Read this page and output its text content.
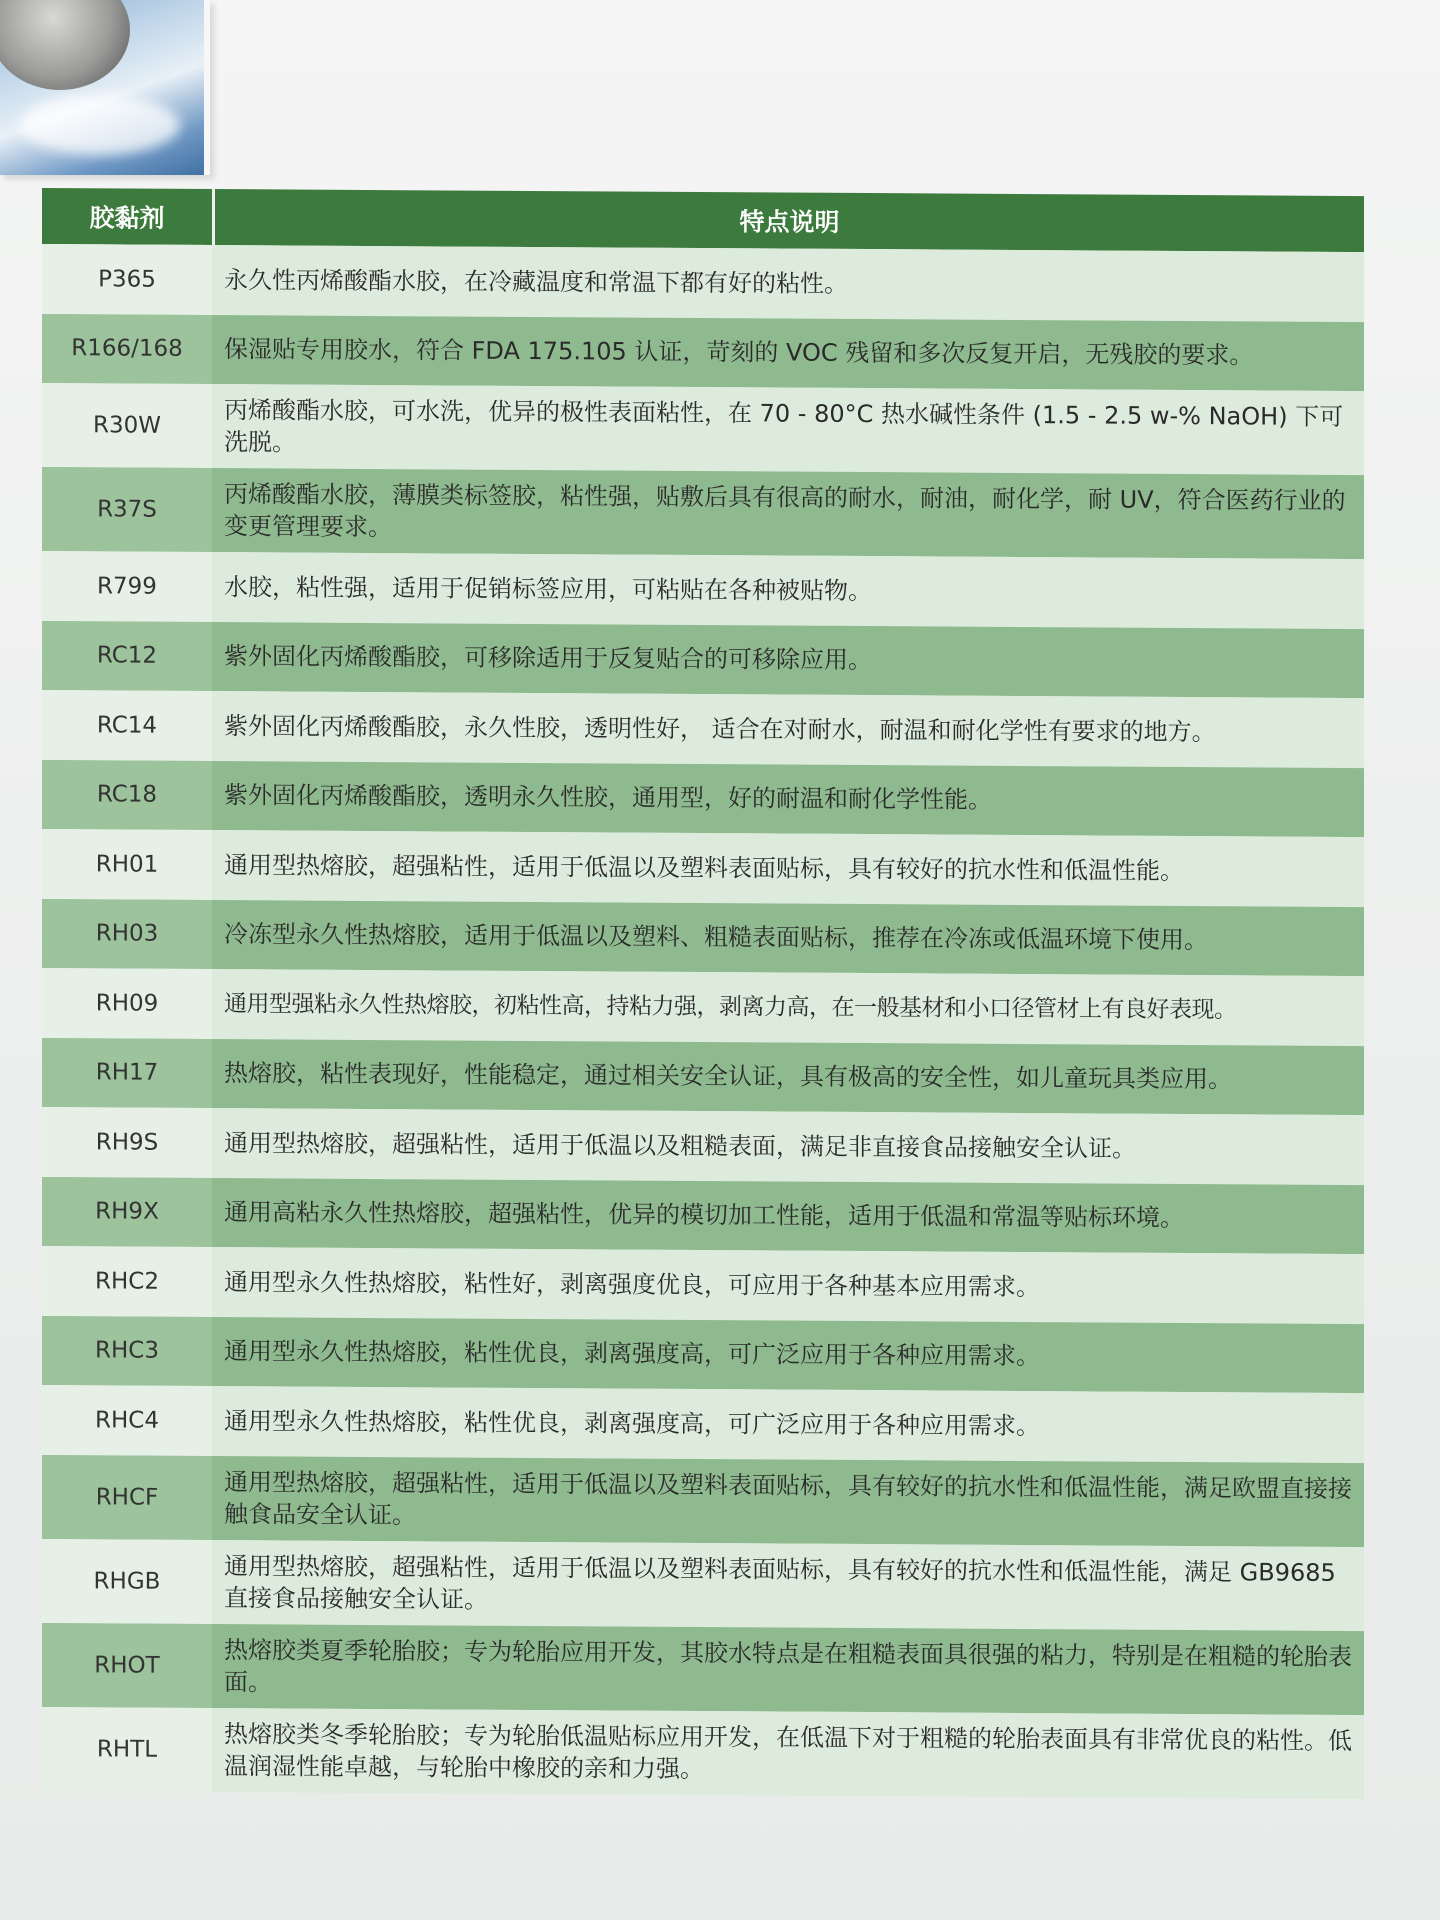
胶黏剂	特点说明
P365	永久性丙烯酸酯水胶，在冷藏温度和常温下都有好的粘性。
R166/168	保湿贴专用胶水，符合 FDA 175.105 认证，苛刻的 VOC 残留和多次反复开启，无残胶的要求。
R30W	丙烯酸酯水胶，可水洗，优异的极性表面粘性，在 70 - 80°C 热水碱性条件 (1.5 - 2.5 w-% NaOH) 下可洗脱。
R37S	丙烯酸酯水胶，薄膜类标签胶，粘性强，贴敷后具有很高的耐水，耐油，耐化学，耐 UV，符合医药行业的变更管理要求。
R799	水胶，粘性强，适用于促销标签应用，可粘贴在各种被贴物。
RC12	紫外固化丙烯酸酯胶，可移除适用于反复贴合的可移除应用。
RC14	紫外固化丙烯酸酯胶，永久性胶，透明性好， 适合在对耐水，耐温和耐化学性有要求的地方。
RC18	紫外固化丙烯酸酯胶，透明永久性胶，通用型，好的耐温和耐化学性能。
RH01	通用型热熔胶，超强粘性，适用于低温以及塑料表面贴标，具有较好的抗水性和低温性能。
RH03	冷冻型永久性热熔胶，适用于低温以及塑料、粗糙表面贴标，推荐在冷冻或低温环境下使用。
RH09	通用型强粘永久性热熔胶，初粘性高，持粘力强，剥离力高，在一般基材和小口径管材上有良好表现。
RH17	热熔胶，粘性表现好，性能稳定，通过相关安全认证，具有极高的安全性，如儿童玩具类应用。
RH9S	通用型热熔胶，超强粘性，适用于低温以及粗糙表面，满足非直接食品接触安全认证。
RH9X	通用高粘永久性热熔胶，超强粘性，优异的模切加工性能，适用于低温和常温等贴标环境。
RHC2	通用型永久性热熔胶，粘性好，剥离强度优良，可应用于各种基本应用需求。
RHC3	通用型永久性热熔胶，粘性优良，剥离强度高，可广泛应用于各种应用需求。
RHC4	通用型永久性热熔胶，粘性优良，剥离强度高，可广泛应用于各种应用需求。
RHCF	通用型热熔胶，超强粘性，适用于低温以及塑料表面贴标，具有较好的抗水性和低温性能，满足欧盟直接接触食品安全认证。
RHGB	通用型热熔胶，超强粘性，适用于低温以及塑料表面贴标，具有较好的抗水性和低温性能，满足 GB9685 直接食品接触安全认证。
RHOT	热熔胶类夏季轮胎胶；专为轮胎应用开发，其胶水特点是在粗糙表面具很强的粘力，特别是在粗糙的轮胎表面。
RHTL	热熔胶类冬季轮胎胶；专为轮胎低温贴标应用开发，在低温下对于粗糙的轮胎表面具有非常优良的粘性。低温润湿性能卓越，与轮胎中橡胶的亲和力强。
